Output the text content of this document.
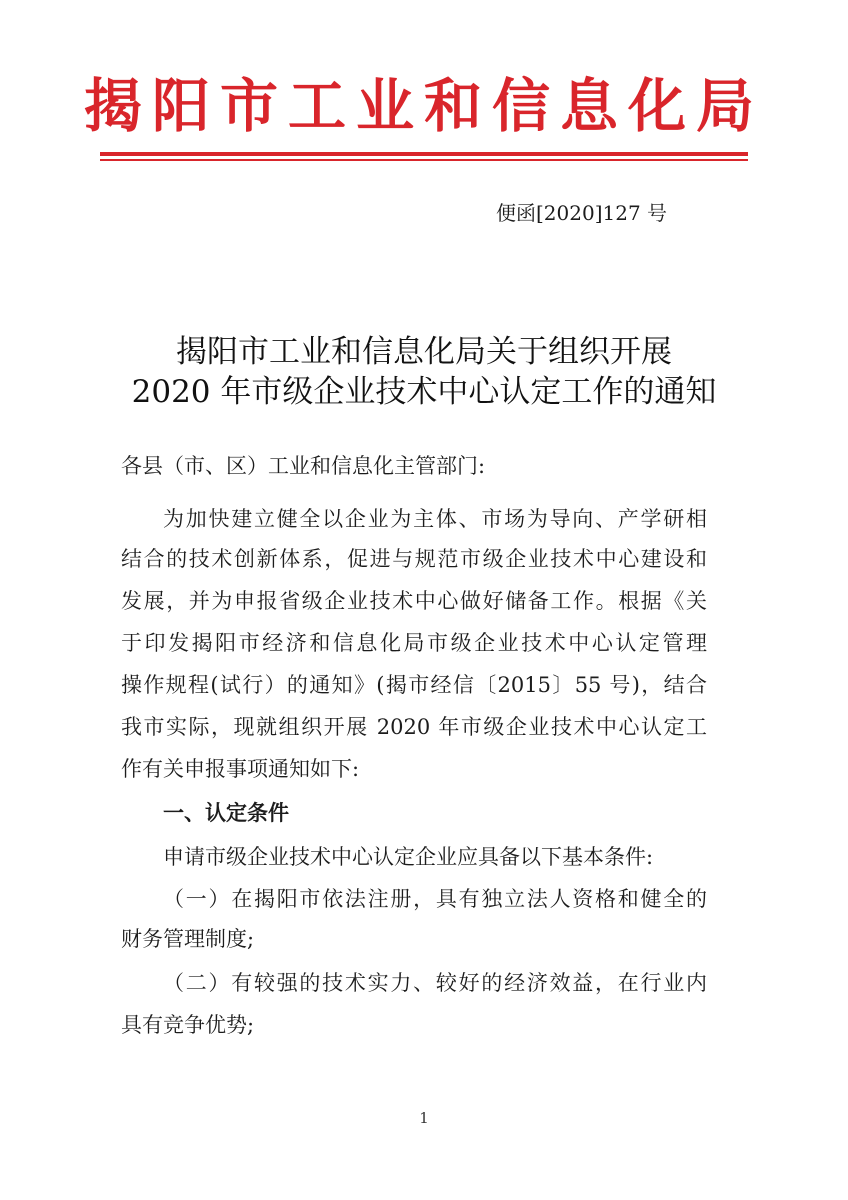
揭阳市工业和信息化局
便函[2020]127 号
揭阳市工业和信息化局关于组织开展
2020 年市级企业技术中心认定工作的通知
各县（市、区）工业和信息化主管部门:
为加快建立健全以企业为主体、市场为导向、产学研相
结合的技术创新体系，促进与规范市级企业技术中心建设和
发展，并为申报省级企业技术中心做好储备工作。根据《关
于印发揭阳市经济和信息化局市级企业技术中心认定管理
操作规程(试行）的通知》(揭市经信〔2015〕55 号)，结合
我市实际，现就组织开展 2020 年市级企业技术中心认定工
作有关申报事项通知如下:
一、认定条件
申请市级企业技术中心认定企业应具备以下基本条件:
（一）在揭阳市依法注册，具有独立法人资格和健全的
财务管理制度;
（二）有较强的技术实力、较好的经济效益，在行业内
具有竞争优势;
1
